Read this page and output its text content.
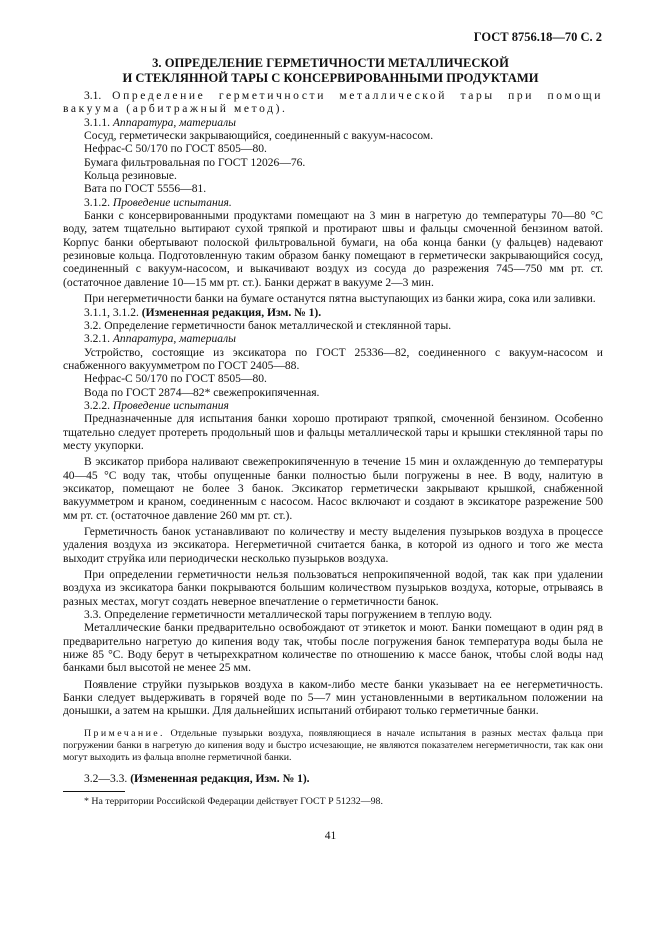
ГОСТ 8756.18—70 С. 2
3. ОПРЕДЕЛЕНИЕ ГЕРМЕТИЧНОСТИ МЕТАЛЛИЧЕСКОЙ
И СТЕКЛЯННОЙ ТАРЫ С КОНСЕРВИРОВАННЫМИ ПРОДУКТАМИ

3.1. Определение герметичности металлической тары при помощи вакуума (арбитражный метод).

3.1.1. Аппаратура, материалы

Сосуд, герметически закрывающийся, соединенный с вакуум-насосом.

Нефрас-С 50/170 по ГОСТ 8505—80.

Бумага фильтровальная по ГОСТ 12026—76.

Кольца резиновые.

Вата по ГОСТ 5556—81.

3.1.2. Проведение испытания.

Банки с консервированными продуктами помещают на 3 мин в нагретую до температуры 70—80 °С воду, затем тщательно вытирают сухой тряпкой и протирают швы и фальцы смоченной бензином ватой. Корпус банки обертывают полоской фильтровальной бумаги, на оба конца банки (у фальцев) надевают резиновые кольца. Подготовленную таким образом банку помещают в герметически закрывающийся сосуд, соединенный с вакуум-насосом, и выкачивают воздух из сосуда до разрежения 745—750 мм рт. ст. (остаточное давление 10—15 мм рт. ст.). Банки держат в вакууме 2—3 мин.

При негерметичности банки на бумаге останутся пятна выступающих из банки жира, сока или заливки.

3.1.1, 3.1.2. (Измененная редакция, Изм. № 1).

3.2. Определение герметичности банок металлической и стеклянной тары.

3.2.1. Аппаратура, материалы

Устройство, состоящие из эксикатора по ГОСТ 25336—82, соединенного с вакуум-насосом и снабженного вакуумметром по ГОСТ 2405—88.

Нефрас-С 50/170 по ГОСТ 8505—80.

Вода по ГОСТ 2874—82* свежепрокипяченная.

3.2.2. Проведение испытания

Предназначенные для испытания банки хорошо протирают тряпкой, смоченной бензином. Особенно тщательно следует протереть продольный шов и фальцы металлической тары и крышки стеклянной тары по месту укупорки.

В эксикатор прибора наливают свежепрокипяченную в течение 15 мин и охлажденную до температуры 40—45 °С воду так, чтобы опущенные банки полностью были погружены в нее. В воду, налитую в эксикатор, помещают не более 3 банок. Эксикатор герметически закрывают крышкой, снабженной вакуумметром и краном, соединенным с насосом. Насос включают и создают в эксикаторе разрежение 500 мм рт. ст. (остаточное давление 260 мм рт. ст.).

Герметичность банок устанавливают по количеству и месту выделения пузырьков воздуха в процессе удаления воздуха из эксикатора. Негерметичной считается банка, в которой из одного и того же места выходит струйка или периодически несколько пузырьков воздуха.

При определении герметичности нельзя пользоваться непрокипяченной водой, так как при удалении воздуха из эксикатора банки покрываются большим количеством пузырьков воздуха, которые, отрываясь в разных местах, могут создать неверное впечатление о герметичности банок.

3.3. Определение герметичности металлической тары погружением в теплую воду.

Металлические банки предварительно освобождают от этикеток и моют. Банки помещают в один ряд в предварительно нагретую до кипения воду так, чтобы после погружения банок температура воды была не ниже 85 °С. Воду берут в четырехкратном количестве по отношению к массе банок, чтобы слой воды над банками был высотой не менее 25 мм.

Появление струйки пузырьков воздуха в каком-либо месте банки указывает на ее негерметичность. Банки следует выдерживать в горячей воде по 5—7 мин установленными в вертикальном положении на донышки, а затем на крышки. Для дальнейших испытаний отбирают только герметичные банки.

Примечание. Отдельные пузырьки воздуха, появляющиеся в начале испытания в разных местах фальца при погружении банки в нагретую до кипения воду и быстро исчезающие, не являются показателем негерметичности, так как они могут выходить из фальца вполне герметичной банки.

3.2—3.3. (Измененная редакция, Изм. № 1).

* На территории Российской Федерации действует ГОСТ Р 51232—98.

41
